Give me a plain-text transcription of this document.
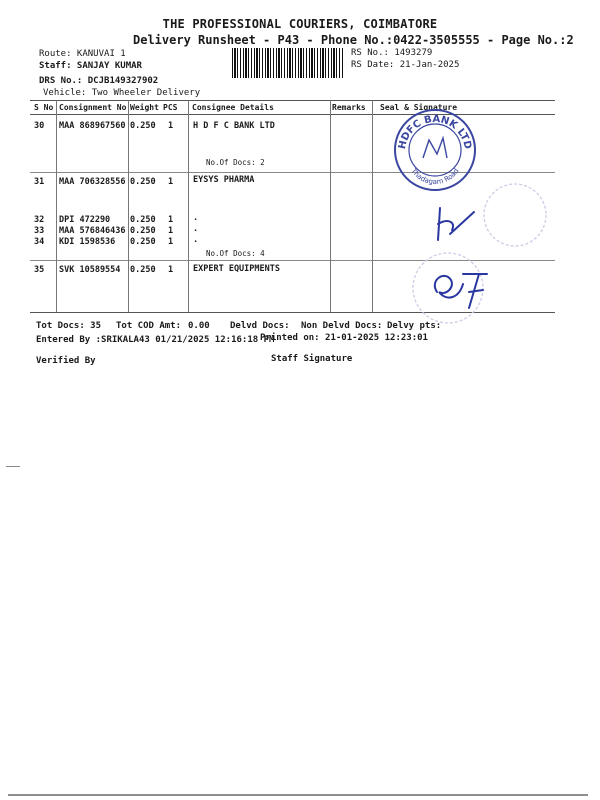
THE PROFESSIONAL COURIERS, COIMBATORE
Delivery Runsheet - P43 - Phone No.:0422-3505555 - Page No.:2
Route: KANUVAI 1
Staff: SANJAY KUMAR
DRS No.: DCJB149327902
Vehicle: Two Wheeler Delivery
RS No.: 1493279
RS Date: 21-Jan-2025
S No Consignment No Weight PCS Consignee Details	Remarks Seal & Signature
30 MAA 868967560 0.250 1 H D F C BANK LTD
No.Of Docs: 2
31 MAA 706328556 0.250 1 EYSYS PHARMA
32 DPI 472290 0.250 1 .
33 MAA 576846436 0.250 1 .
34 KDI 1598536 0.250 1 .
No.Of Docs: 4
35 SVK 10589554 0.250 1 EXPERT EQUIPMENTS
HDFC BANK LTD
Thadagam Road
Tot Docs: 35 Tot COD Amt: 0.00 Delvd Docs: Non Delvd Docs: Delvy pts:
Entered By :SRIKALA43 01/21/2025 12:16:18 PM
Printed on: 21-01-2025 12:23:01
Verified By	Staff Signature
